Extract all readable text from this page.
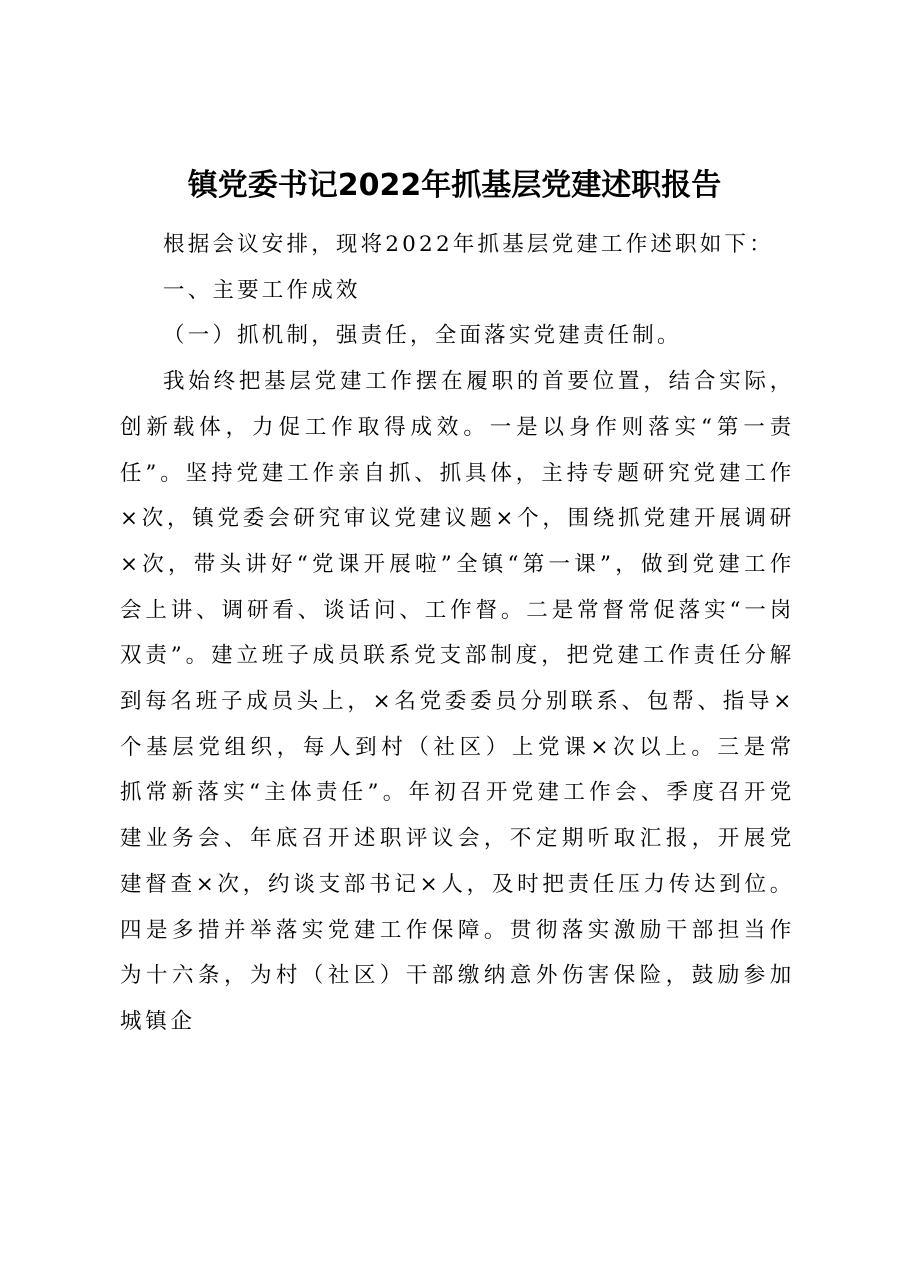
镇党委书记2022年抓基层党建述职报告

根据会议安排，现将2022年抓基层党建工作述职如下：

一、主要工作成效

（一）抓机制，强责任，全面落实党建责任制。

我始终把基层党建工作摆在履职的首要位置，结合实际，创新载体，力促工作取得成效。一是以身作则落实“第一责任”。坚持党建工作亲自抓、抓具体，主持专题研究党建工作×次，镇党委会研究审议党建议题×个，围绕抓党建开展调研×次，带头讲好“党课开展啦”全镇“第一课”，做到党建工作会上讲、调研看、谈话问、工作督。二是常督常促落实“一岗双责”。建立班子成员联系党支部制度，把党建工作责任分解到每名班子成员头上，×名党委委员分别联系、包帮、指导×个基层党组织，每人到村（社区）上党课×次以上。三是常抓常新落实“主体责任”。年初召开党建工作会、季度召开党建业务会、年底召开述职评议会，不定期听取汇报，开展党建督查×次，约谈支部书记×人，及时把责任压力传达到位。四是多措并举落实党建工作保障。贯彻落实激励干部担当作为十六条，为村（社区）干部缴纳意外伤害保险，鼓励参加城镇企
